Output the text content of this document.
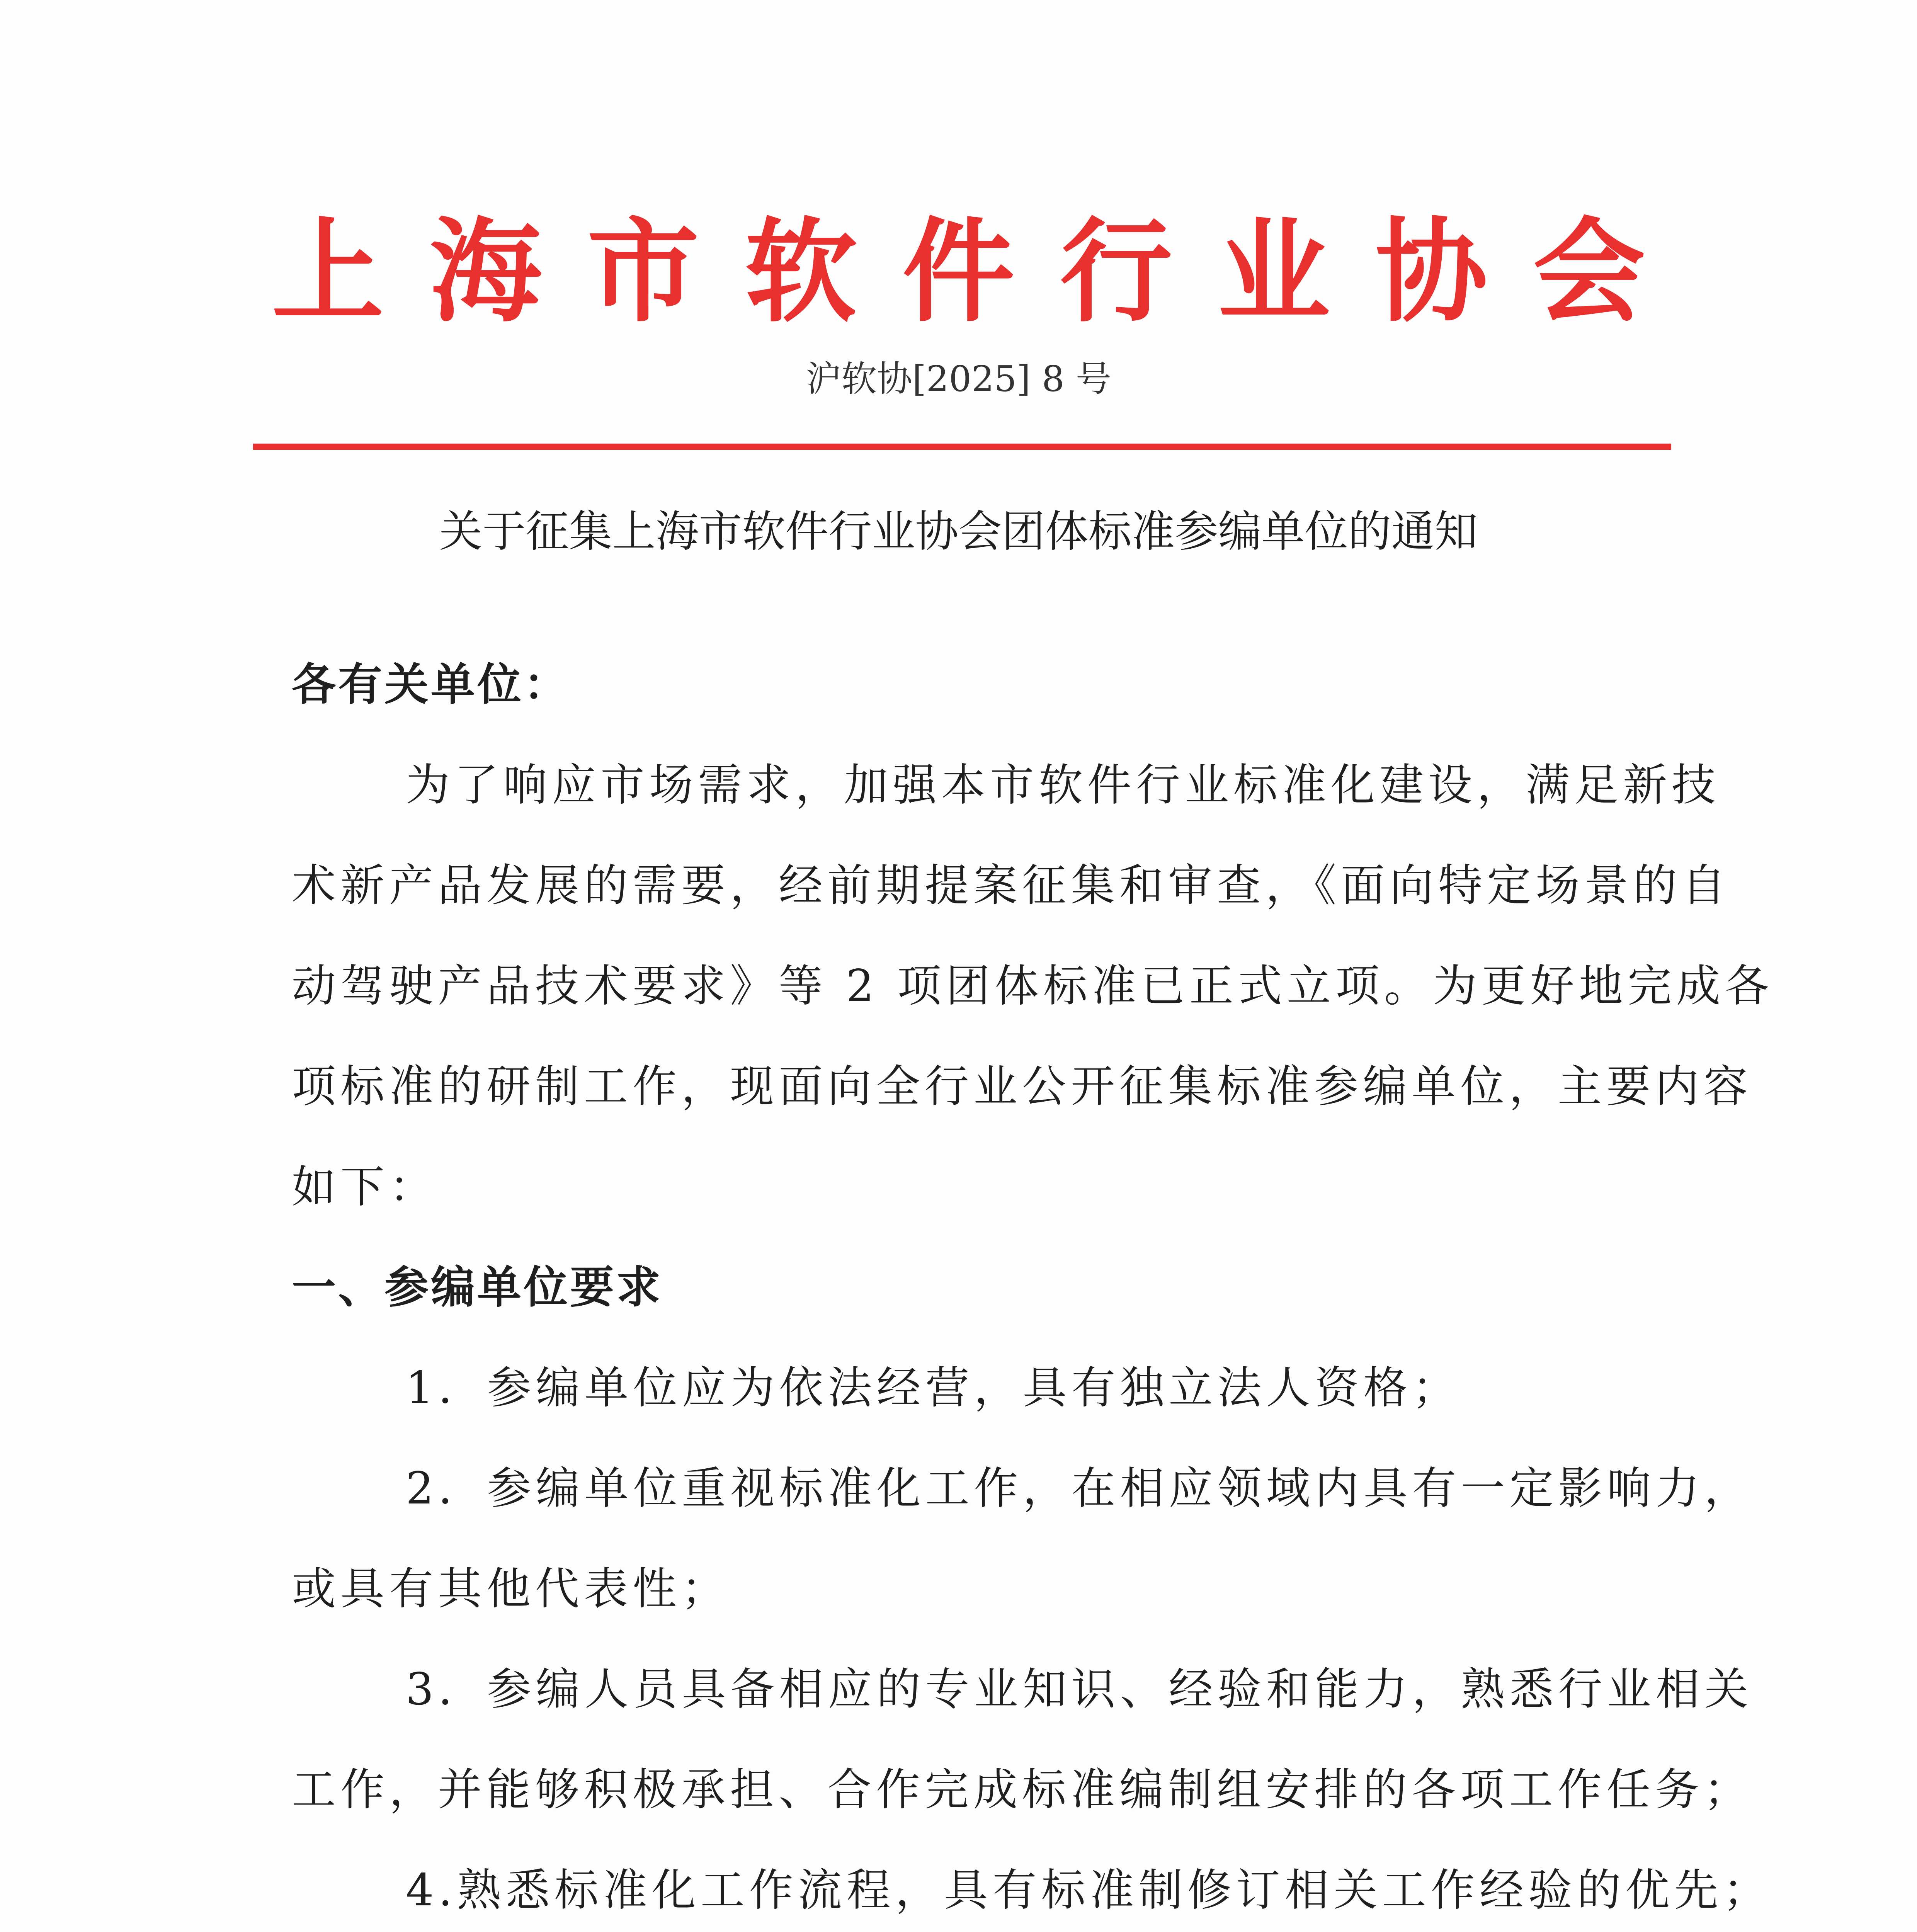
上海市软件行业协会
沪软协[2025] 8 号
关于征集上海市软件行业协会团体标准参编单位的通知
各有关单位：
为了响应市场需求，加强本市软件行业标准化建设，满足新技
术新产品发展的需要，经前期提案征集和审查，《面向特定场景的自
动驾驶产品技术要求》等 2 项团体标准已正式立项。为更好地完成各
项标准的研制工作，现面向全行业公开征集标准参编单位，主要内容
如下：
一、参编单位要求
1．参编单位应为依法经营，具有独立法人资格；
2．参编单位重视标准化工作，在相应领域内具有一定影响力，
或具有其他代表性；
3．参编人员具备相应的专业知识、经验和能力，熟悉行业相关
工作，并能够积极承担、合作完成标准编制组安排的各项工作任务；
4.熟悉标准化工作流程，具有标准制修订相关工作经验的优先；
